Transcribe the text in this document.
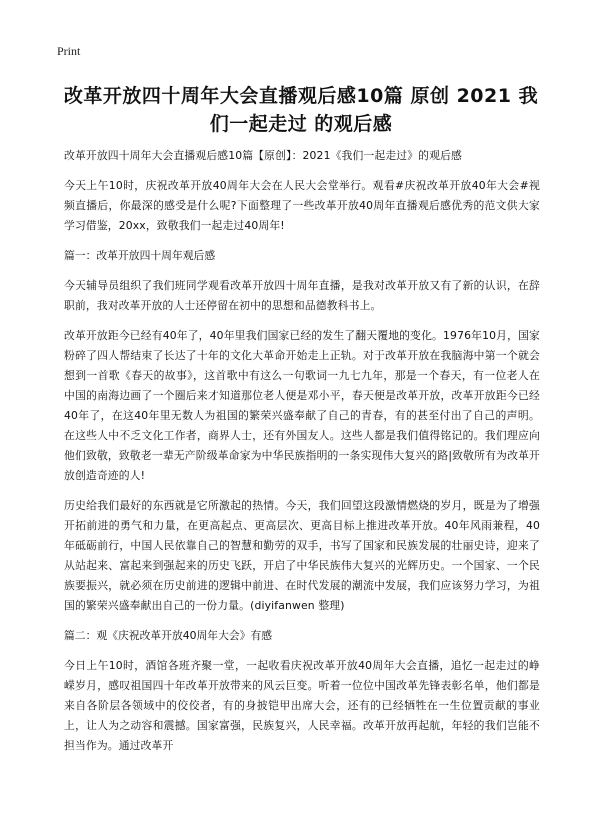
Print
改革开放四十周年大会直播观后感10篇 原创 2021 我们一起走过 的观后感

改革开放四十周年大会直播观后感10篇【原创】：2021《我们一起走过》的观后感

今天上午10时，庆祝改革开放40周年大会在人民大会堂举行。观看#庆祝改革开放40年大会#视频直播后，你最深的感受是什么呢?下面整理了一些改革开放40周年直播观后感优秀的范文供大家学习借鉴，20xx，致敬我们一起走过40周年!

篇一：改革开放四十周年观后感

今天辅导员组织了我们班同学观看改革开放四十周年直播，是我对改革开放又有了新的认识，在辞职前，我对改革开放的人士还停留在初中的思想和品德教科书上。

改革开放距今已经有40年了，40年里我们国家已经的发生了翻天覆地的变化。1976年10月，国家粉碎了四人帮结束了长达了十年的文化大革命开始走上正轨。对于改革开放在我脑海中第一个就会想到一首歌《春天的故事》，这首歌中有这么一句歌词一九七九年，那是一个春天，有一位老人在中国的南海边画了一个圈后来才知道那位老人便是邓小平，春天便是改革开放，改革开放距今已经40年了，在这40年里无数人为祖国的繁荣兴盛奉献了自己的青春，有的甚至付出了自己的声明。在这些人中不乏文化工作者，商界人士，还有外国友人。这些人都是我们值得铭记的。我们理应向他们致敬，致敬老一辈无产阶级革命家为中华民族指明的一条实现伟大复兴的路|致敬所有为改革开放创造奇迹的人!

历史给我们最好的东西就是它所激起的热情。今天，我们回望这段激情燃烧的岁月，既是为了增强开拓前进的勇气和力量，在更高起点、更高层次、更高目标上推进改革开放。40年风雨兼程，40年砥砺前行，中国人民依靠自己的智慧和勤劳的双手，书写了国家和民族发展的壮丽史诗，迎来了从站起来、富起来到强起来的历史飞跃，开启了中华民族伟大复兴的光辉历史。一个国家、一个民族要振兴，就必须在历史前进的逻辑中前进、在时代发展的潮流中发展，我们应该努力学习，为祖国的繁荣兴盛奉献出自己的一份力量。(diyifanwen 整理)

篇二：观《庆祝改革开放40周年大会》有感

今日上午10时，酒馆各班齐聚一堂，一起收看庆祝改革开放40周年大会直播，追忆一起走过的峥嵘岁月，感叹祖国四十年改革开放带来的风云巨变。听着一位位中国改革先锋表彰名单，他们都是来自各阶层各领域中的佼佼者，有的身披铠甲出席大会，还有的已经牺牲在一生位置贡献的事业上，让人为之动容和震撼。国家富强，民族复兴，人民幸福。改革开放再起航，年轻的我们岂能不担当作为。通过改革开
